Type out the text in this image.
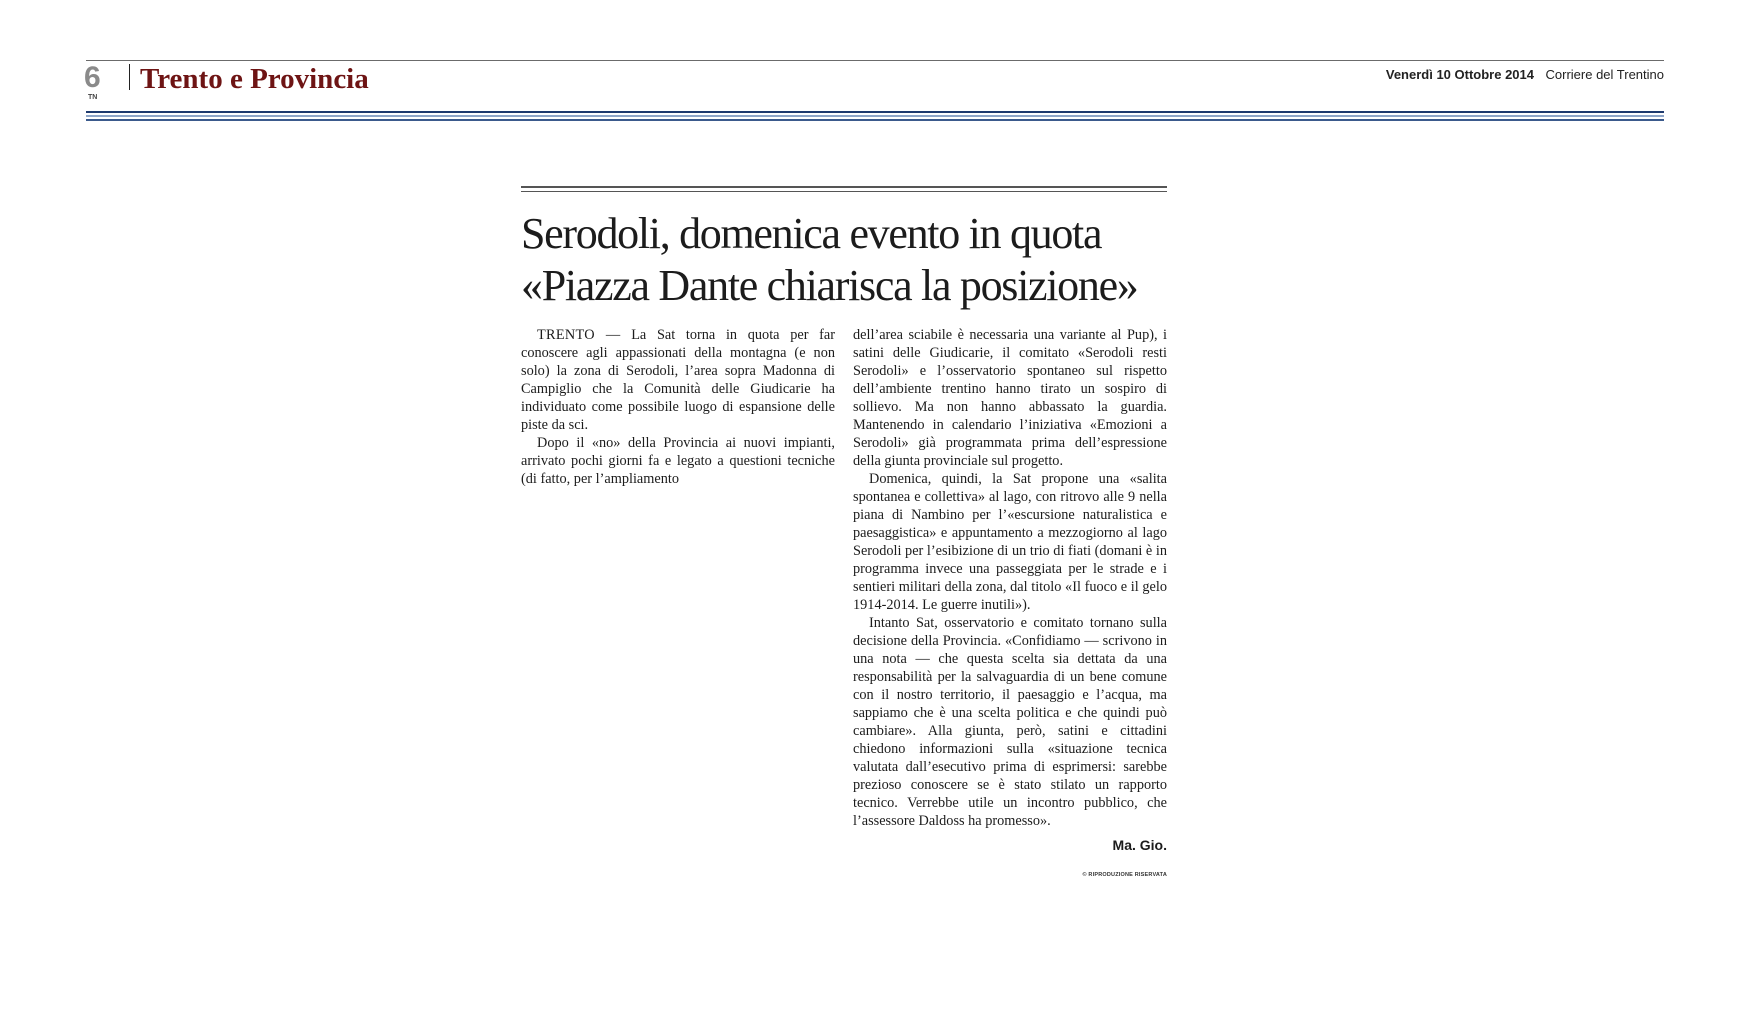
6
TN
Trento e Provincia	Venerdì 10 Ottobre 2014 Corriere del Trentino
Serodoli, domenica evento in quota
«Piazza Dante chiarisca la posizione»

TRENTO — La Sat torna in quota per far conoscere agli appassionati della montagna (e non solo) la zona di Serodoli, l’area sopra Madonna di Campiglio che la Comunità delle Giudicarie ha individuato come possibile luogo di espansione delle piste da sci.

Dopo il «no» della Provincia ai nuovi impianti, arrivato pochi giorni fa e legato a questioni tecniche (di fatto, per l’ampliamento

dell’area sciabile è necessaria una variante al Pup), i satini delle Giudicarie, il comitato «Serodoli resti Serodoli» e l’osservatorio spontaneo sul rispetto dell’ambiente trentino hanno tirato un sospiro di sollievo. Ma non hanno abbassato la guardia. Mantenendo in calendario l’iniziativa «Emozioni a Serodoli» già programmata prima dell’espressione della giunta provinciale sul progetto.

Domenica, quindi, la Sat propone una «salita spontanea e collettiva» al lago, con ritrovo alle 9 nella piana di Nambino per l’«escursione naturalistica e paesaggistica» e appuntamento a mezzogiorno al lago Serodoli per l’esibizione di un trio di fiati (domani è in programma invece una passeggiata per le strade e i sentieri militari della zona, dal titolo «Il fuoco e il gelo 1914-2014. Le guerre inutili»).

Intanto Sat, osservatorio e comitato tornano sulla decisione della Provincia. «Confidiamo — scrivono in una nota — che questa scelta sia dettata da una responsabilità per la salvaguardia di un bene comune con il nostro territorio, il paesaggio e l’acqua, ma sappiamo che è una scelta politica e che quindi può cambiare». Alla giunta, però, satini e cittadini chiedono informazioni sulla «situazione tecnica valutata dall’esecutivo prima di esprimersi: sarebbe prezioso conoscere se è stato stilato un rapporto tecnico. Verrebbe utile un incontro pubblico, che l’assessore Daldoss ha promesso».

Ma. Gio.
© RIPRODUZIONE RISERVATA
